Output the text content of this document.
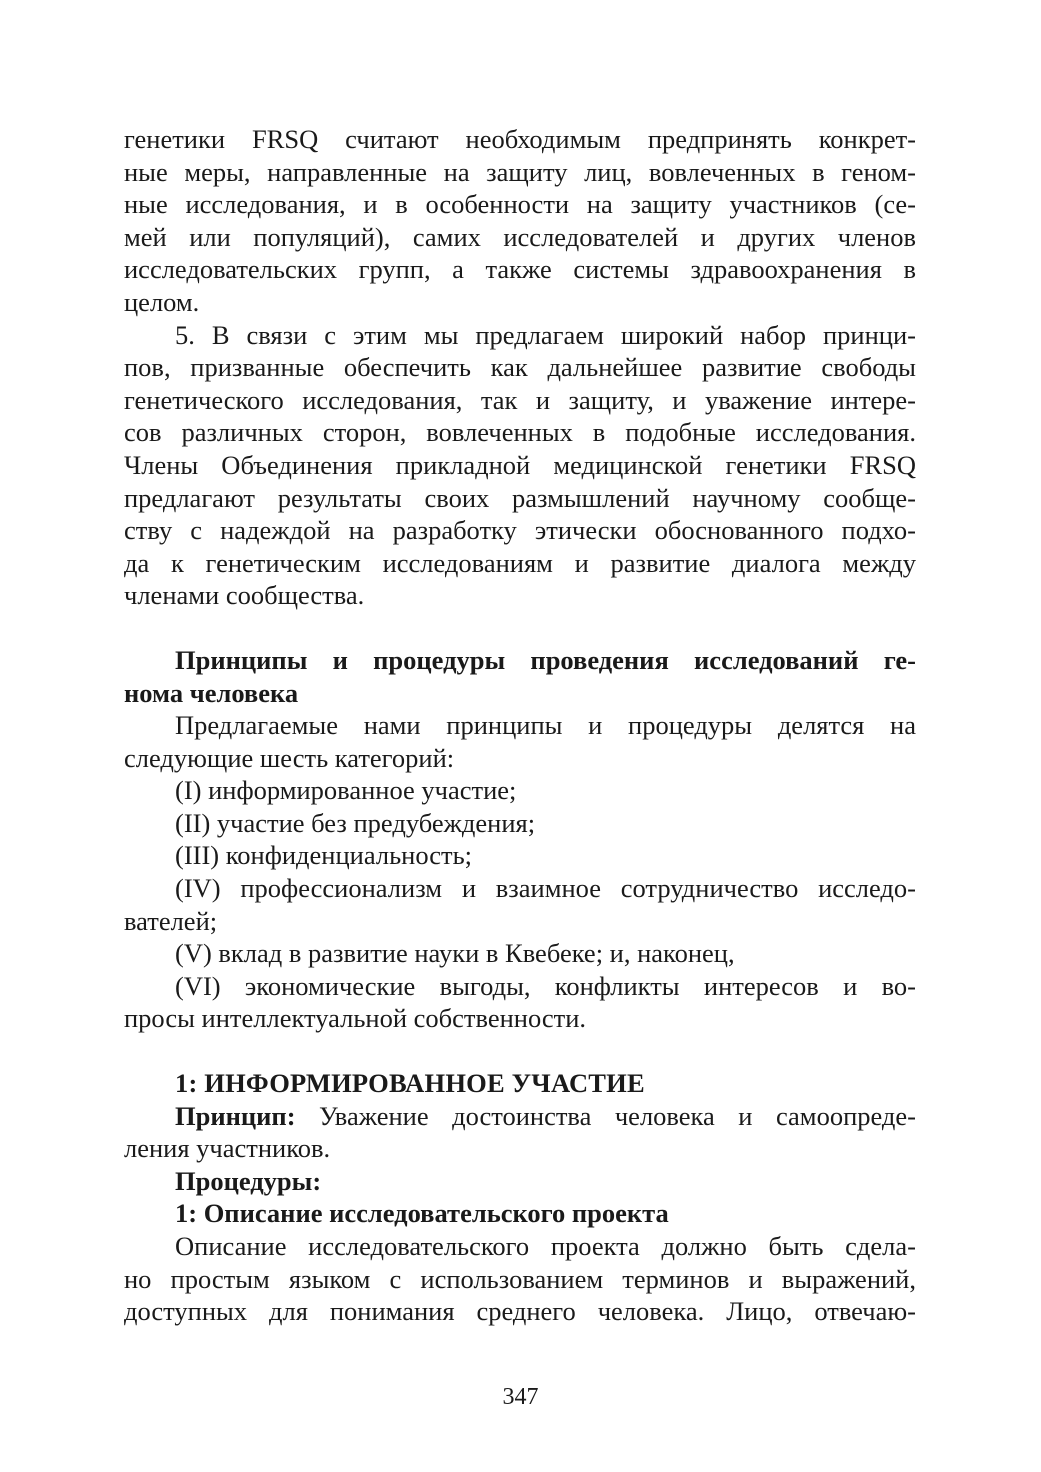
генетики FRSQ считают необходимым предпринять конкрет-
ные меры, направленные на защиту лиц, вовлеченных в геном-
ные исследования, и в особенности на защиту участников (се-
мей или популяций), самих исследователей и других членов
исследовательских групп, а также системы здравоохранения в
целом.
5. В связи с этим мы предлагаем широкий набор принци-
пов, призванные обеспечить как дальнейшее развитие свободы
генетического исследования, так и защиту, и уважение интере-
сов различных сторон, вовлеченных в подобные исследования.
Члены Объединения прикладной медицинской генетики FRSQ
предлагают результаты своих размышлений научному сообще-
ству с надеждой на разработку этически обоснованного подхо-
да к генетическим исследованиям и развитие диалога между
членами сообщества.
Принципы и процедуры проведения исследований ге-
нома человека
Предлагаемые нами принципы и процедуры делятся на
следующие шесть категорий:
(I) информированное участие;
(II) участие без предубеждения;
(III) конфиденциальность;
(IV) профессионализм и взаимное сотрудничество исследо-
вателей;
(V) вклад в развитие науки в Квебеке; и, наконец,
(VI) экономические выгоды, конфликты интересов и во-
просы интеллектуальной собственности.
1: ИНФОРМИРОВАННОЕ УЧАСТИЕ
Принцип: Уважение достоинства человека и самоопреде-
ления участников.
Процедуры:
1: Описание исследовательского проекта
Описание исследовательского проекта должно быть сдела-
но простым языком с использованием терминов и выражений,
доступных для понимания среднего человека. Лицо, отвечаю-
347
